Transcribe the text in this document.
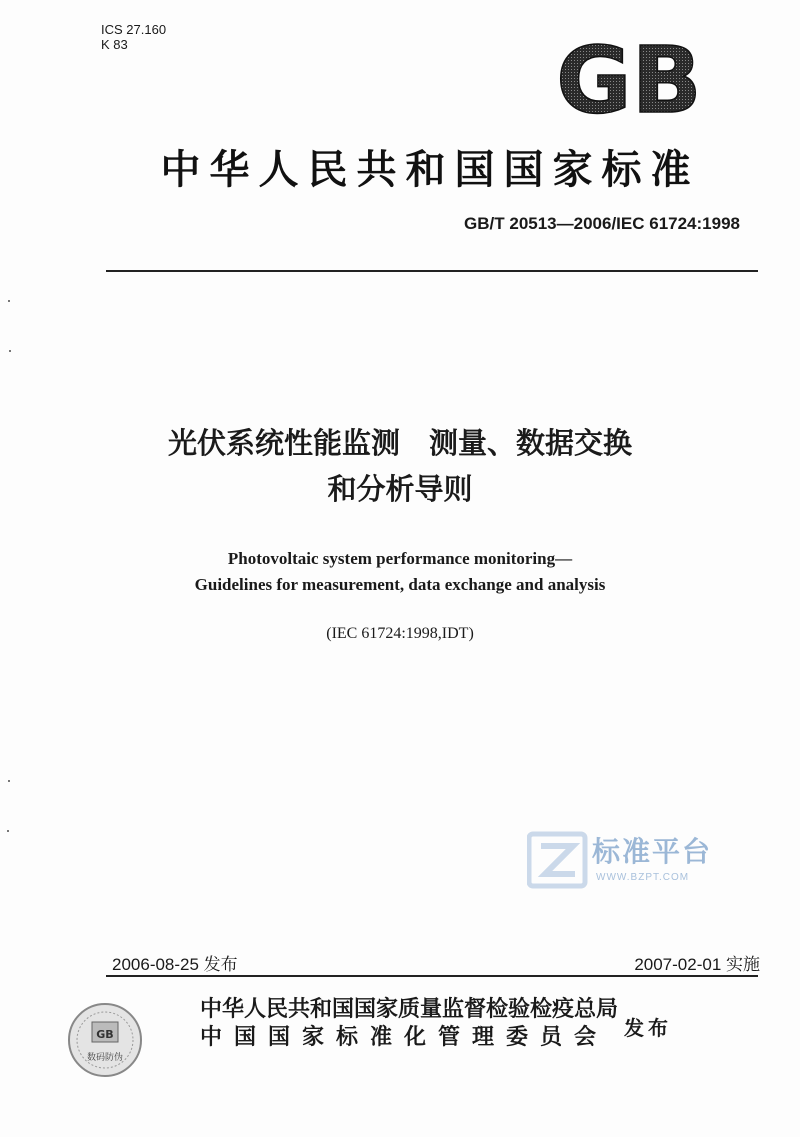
ICS 27.160
K 83	GB
中华人民共和国国家标准
GB/T 20513—2006/IEC 61724:1998
光伏系统性能监测　测量、数据交换
和分析导则
Photovoltaic system performance monitoring—
Guidelines for measurement, data exchange and analysis
(IEC 61724:1998,IDT)
标准平台
WWW.BZPT.COM
2006-08-25 发布	2007-02-01 实施
GB
数码防伪
中华人民共和国国家质量监督检验检疫总局
中国国家标准化管理委员会 发布
